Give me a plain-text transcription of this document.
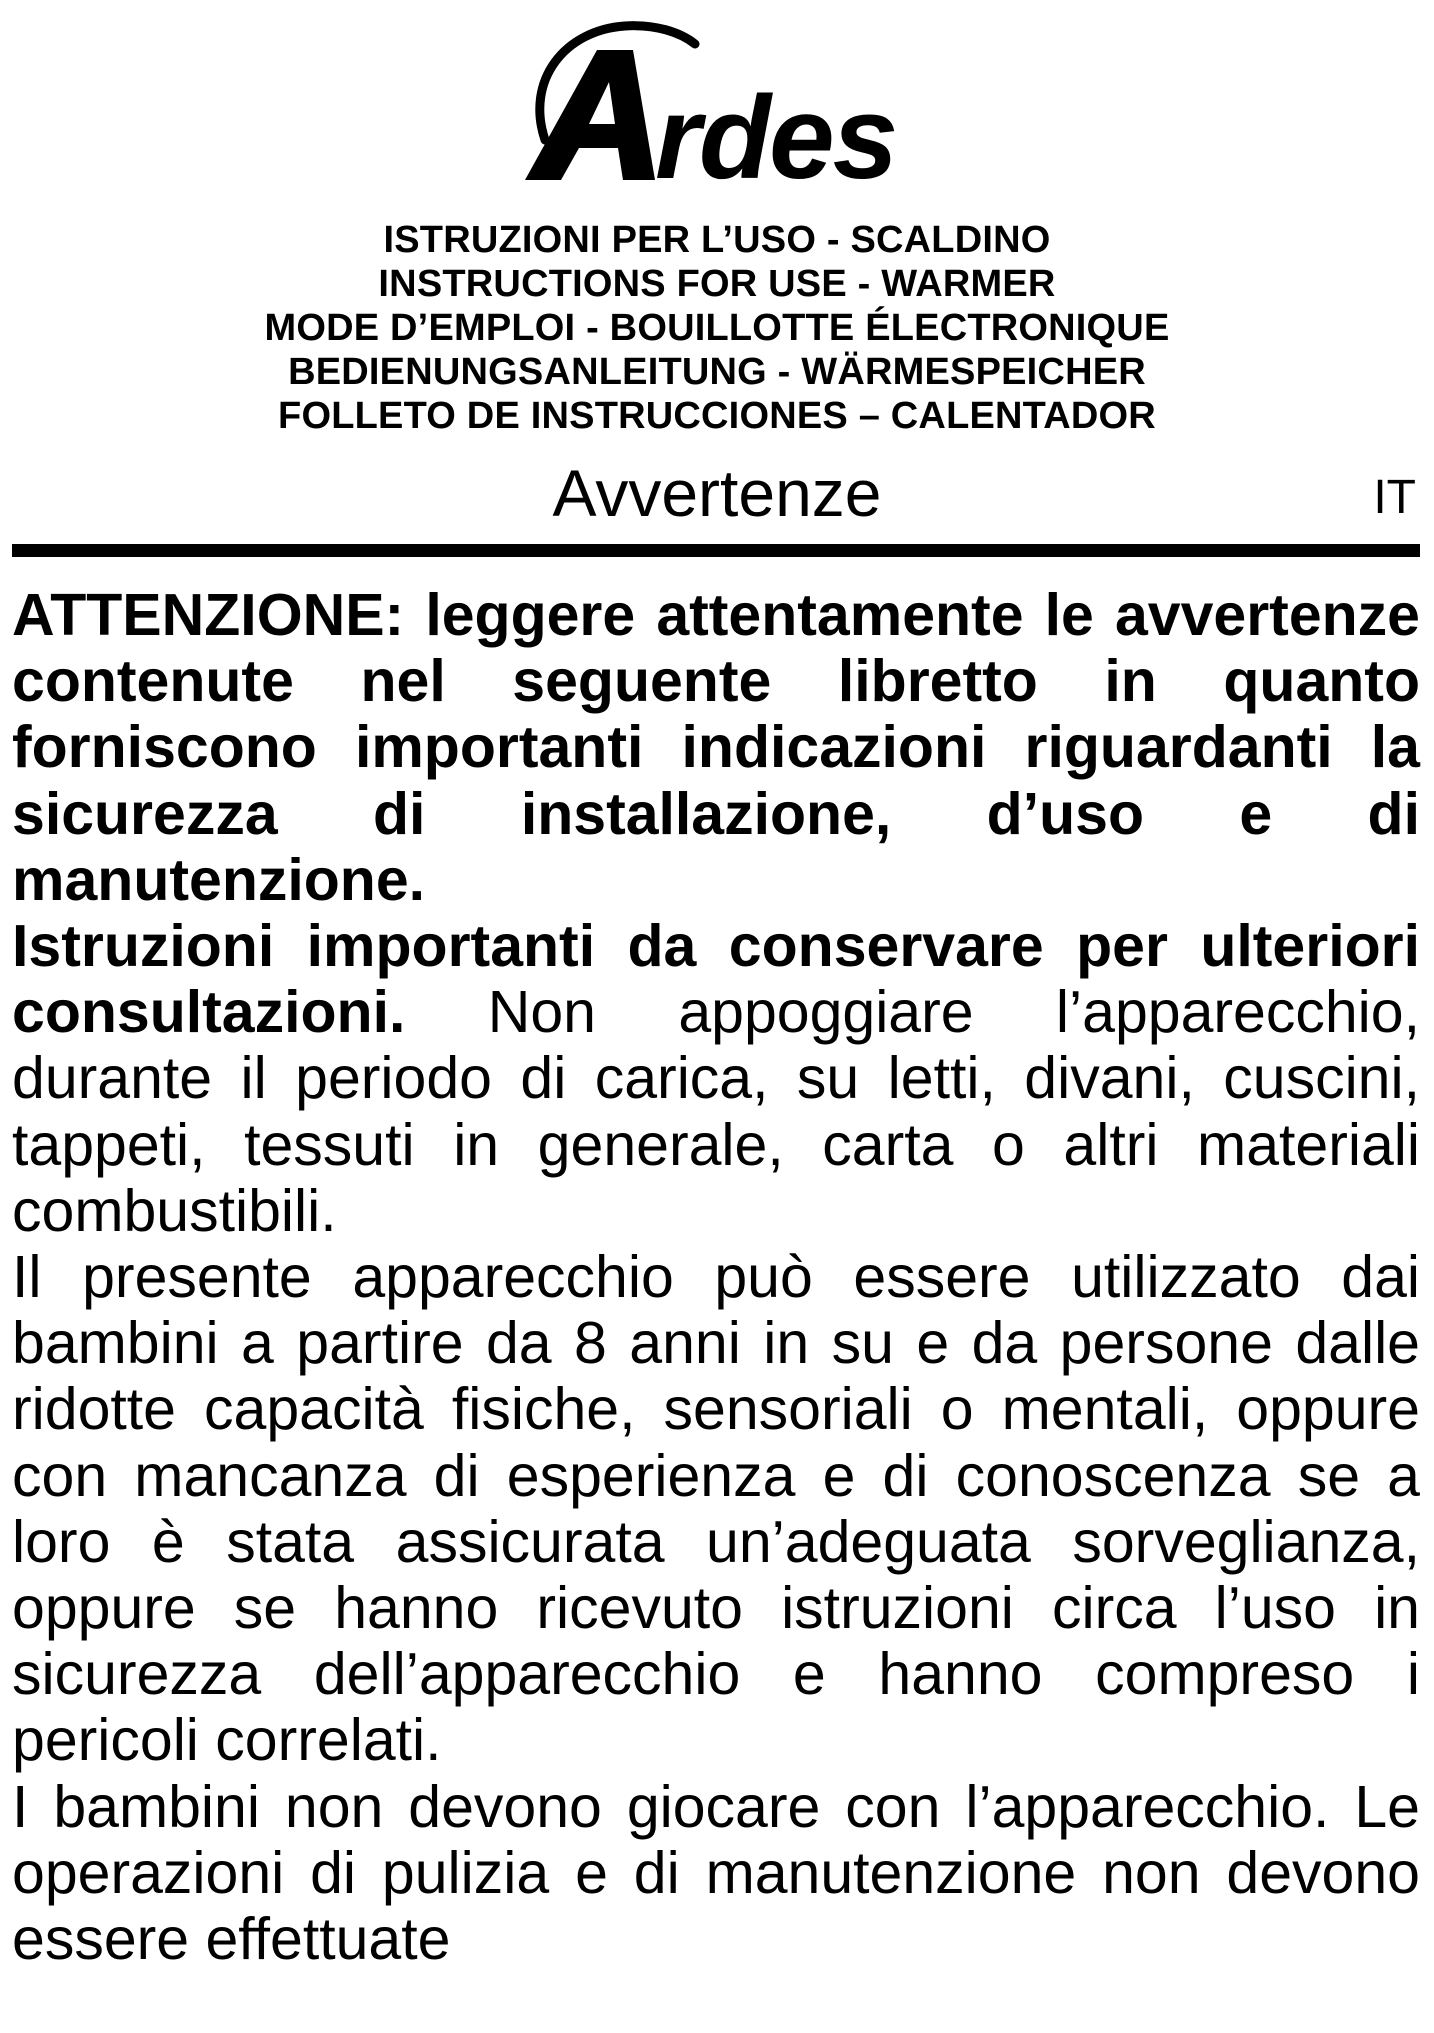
rdes
ISTRUZIONI PER L’USO - SCALDINO
INSTRUCTIONS FOR USE - WARMER
MODE D’EMPLOI - BOUILLOTTE ÉLECTRONIQUE
BEDIENUNGSANLEITUNG - WÄRMESPEICHER
FOLLETO DE INSTRUCCIONES – CALENTADOR
Avvertenze	IT

ATTENZIONE: leggere attentamente le avvertenze contenute nel seguente libretto in quanto forniscono importanti indicazioni riguardanti la sicurezza di installazione, d’uso e di manutenzione.

Istruzioni importanti da conservare per ulteriori consultazioni. Non appoggiare l’apparecchio, durante il periodo di carica, su letti, divani, cuscini, tappeti, tessuti in generale, carta o altri materiali combustibili.

Il presente apparecchio può essere utilizzato dai bambini a partire da 8 anni in su e da persone dalle ridotte capacità fisiche, sensoriali o mentali, oppure con mancanza di esperienza e di conoscenza se a loro è stata assicurata un’adeguata sorveglianza, oppure se hanno ricevuto istruzioni circa l’uso in sicurezza dell’apparecchio e hanno compreso i pericoli correlati.

I bambini non devono giocare con l’apparecchio. Le operazioni di pulizia e di manutenzione non devono essere effettuate
